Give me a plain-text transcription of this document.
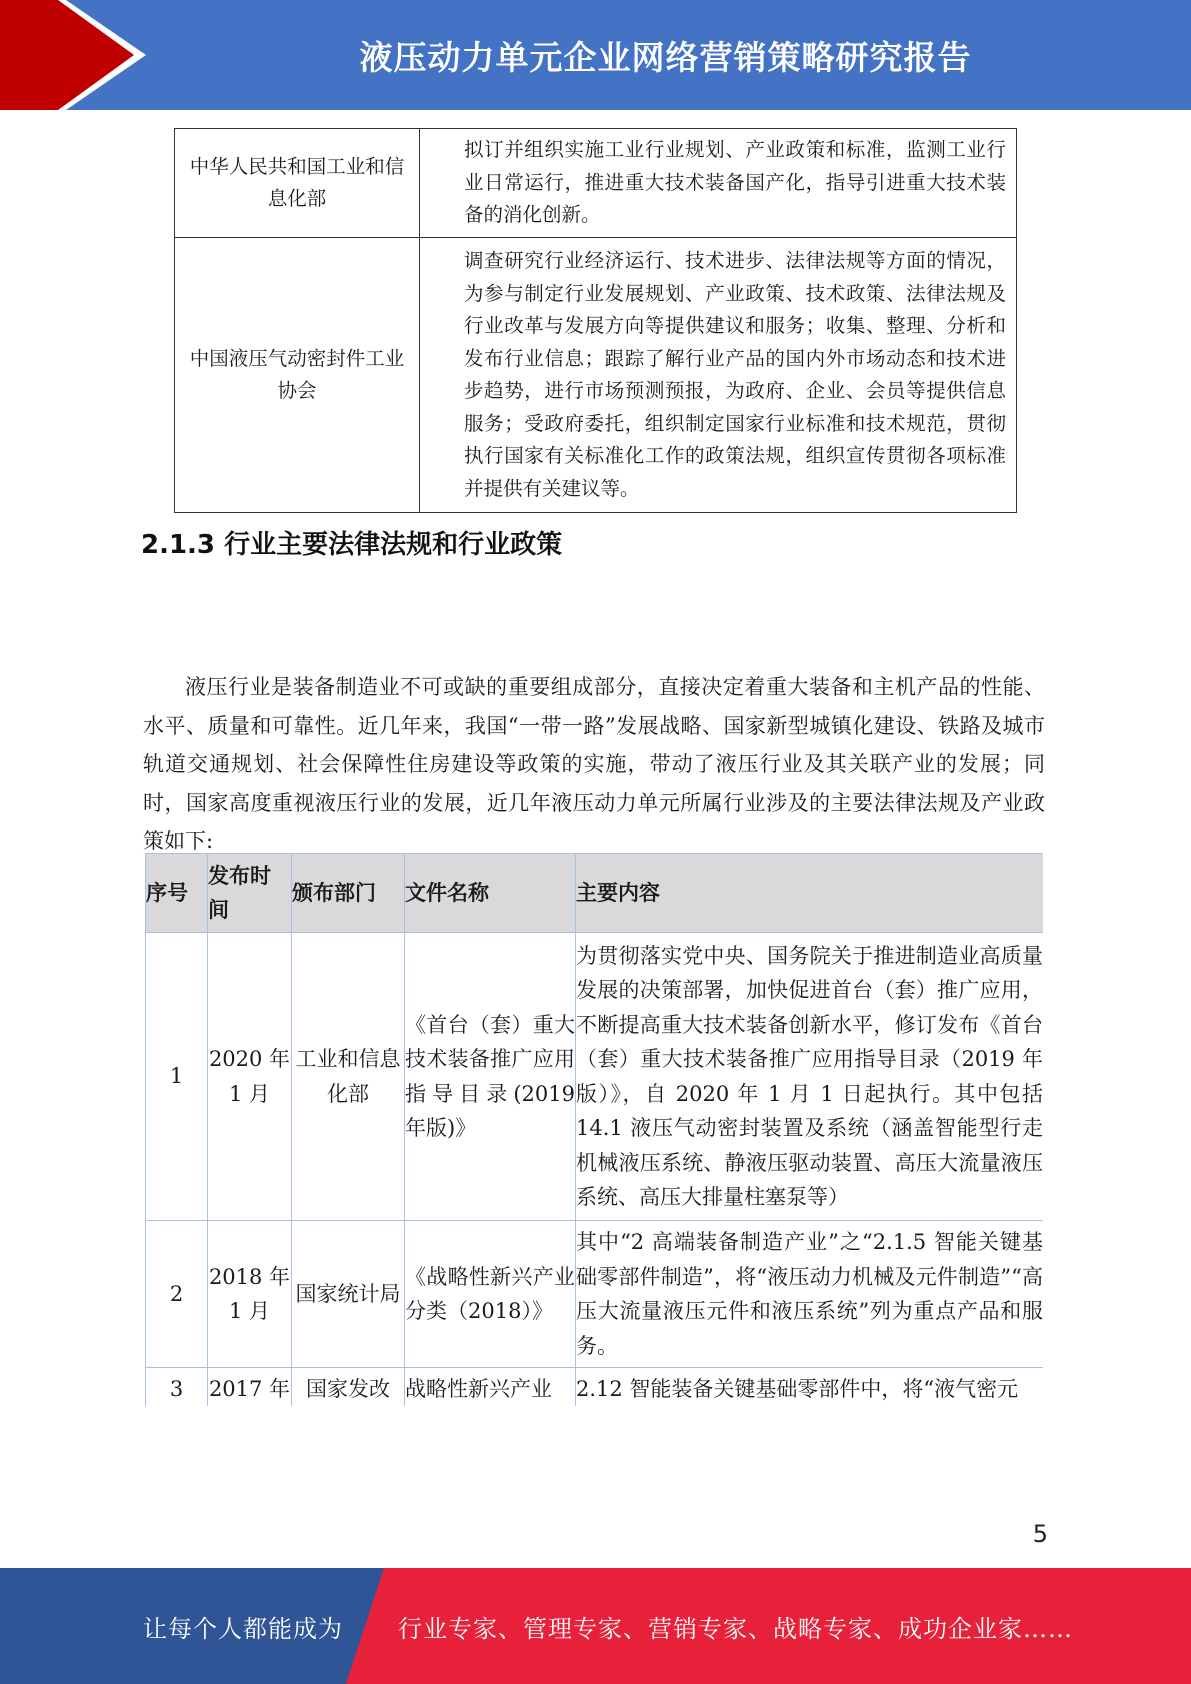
液压动力单元企业网络营销策略研究报告
中华人民共和国工业和信息化部	拟订并组织实施工业行业规划、产业政策和标准，监测工业行业日常运行，推进重大技术装备国产化，指导引进重大技术装备的消化创新。
中国液压气动密封件工业协会	调查研究行业经济运行、技术进步、法律法规等方面的情况，为参与制定行业发展规划、产业政策、技术政策、法律法规及行业改革与发展方向等提供建议和服务；收集、整理、分析和发布行业信息；跟踪了解行业产品的国内外市场动态和技术进步趋势，进行市场预测预报，为政府、企业、会员等提供信息服务；受政府委托，组织制定国家行业标准和技术规范，贯彻执行国家有关标准化工作的政策法规，组织宣传贯彻各项标准并提供有关建议等。
2.1.3 行业主要法律法规和行业政策
液压行业是装备制造业不可或缺的重要组成部分，直接决定着重大装备和主机产品的性能、水平、质量和可靠性。近几年来，我国“一带一路”发展战略、国家新型城镇化建设、铁路及城市轨道交通规划、社会保障性住房建设等政策的实施，带动了液压行业及其关联产业的发展；同时，国家高度重视液压行业的发展，近几年液压动力单元所属行业涉及的主要法律法规及产业政策如下:
序号	发布时间	颁布部门	文件名称	主要内容
1	2020 年 1 月	工业和信息化部	《首台（套）重大技术装备推广应用指导目录(2019 年版)》	为贯彻落实党中央、国务院关于推进制造业高质量发展的决策部署，加快促进首台（套）推广应用，不断提高重大技术装备创新水平，修订发布《首台（套）重大技术装备推广应用指导目录（2019 年版）》，自 2020 年 1 月 1 日起执行。其中包括 14.1 液压气动密封装置及系统（涵盖智能型行走机械液压系统、静液压驱动装置、高压大流量液压系统、高压大排量柱塞泵等）
2	2018 年 1 月	国家统计局	《战略性新兴产业分类（2018）》	其中“2 高端装备制造产业”之“2.1.5 智能关键基础零部件制造”，将“液压动力机械及元件制造”“高压大流量液压元件和液压系统”列为重点产品和服务。
3	2017 年	国家发改	战略性新兴产业	2.12 智能装备关键基础零部件中，将“液气密元
5
让每个人都能成为 行业专家、管理专家、营销专家、战略专家、成功企业家……
